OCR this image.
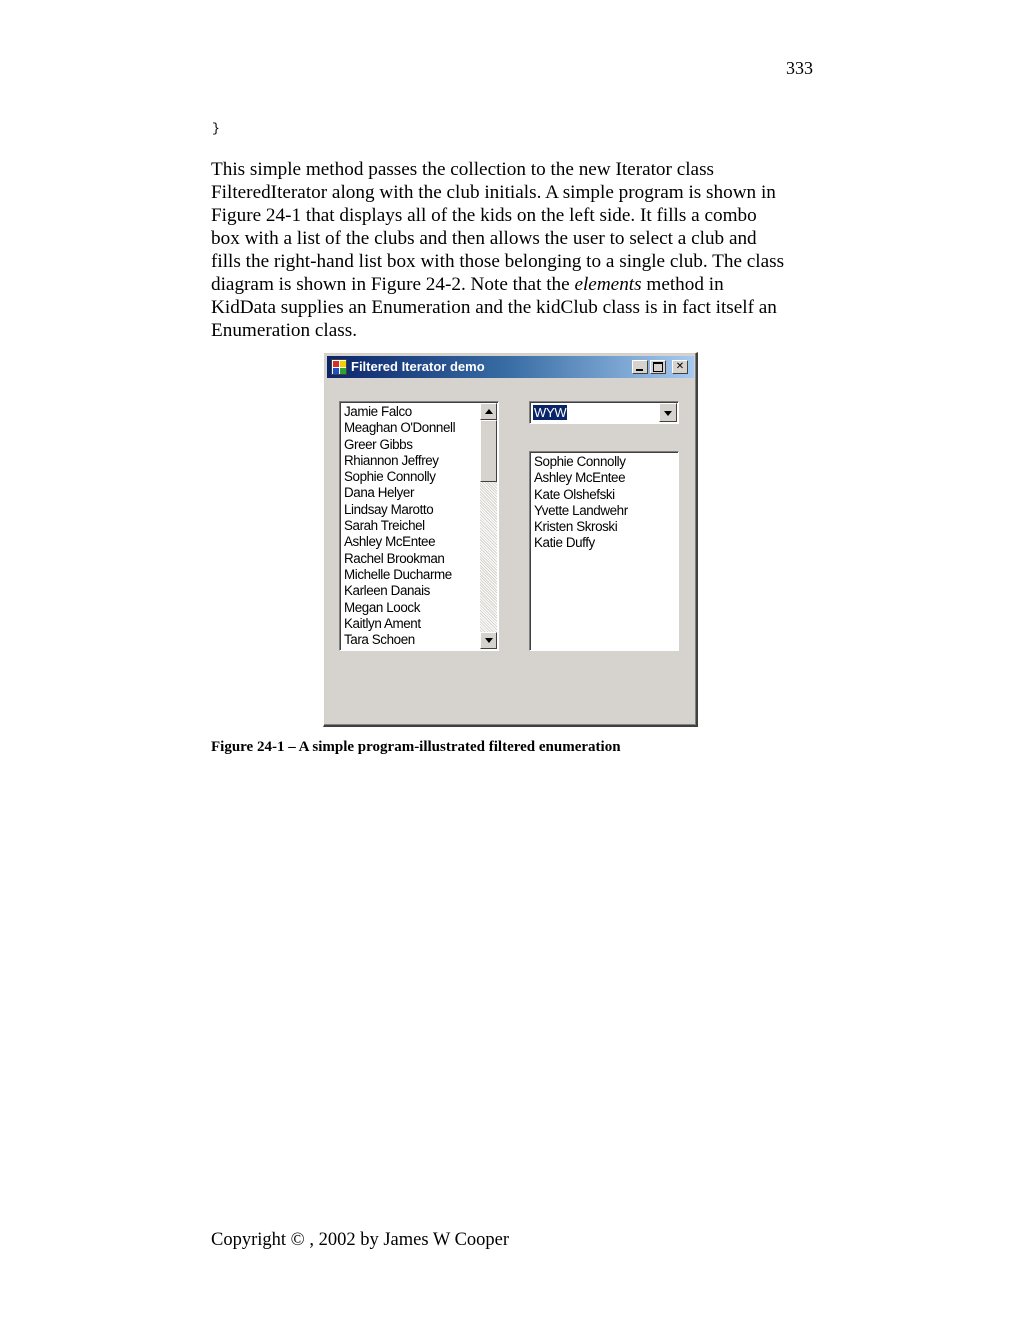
333
}

This simple method passes the collection to the new Iterator class
FilteredIterator along with the club initials. A simple program is shown in
Figure 24-1 that displays all of the kids on the left side. It fills a combo
box with a list of the clubs and then allows the user to select a club and
fills the right-hand list box with those belonging to a single club. The class
diagram is shown in Figure 24-2. Note that the elements method in
KidData supplies an Enumeration and the kidClub class is in fact itself an
Enumeration class.

Filtered Iterator demo
✕
Jamie Falco
Meaghan O'Donnell
Greer Gibbs
Rhiannon Jeffrey
Sophie Connolly
Dana Helyer
Lindsay Marotto
Sarah Treichel
Ashley McEntee
Rachel Brookman
Michelle Ducharme
Karleen Danais
Megan Loock
Kaitlyn Ament
Tara Schoen
WYW
Sophie Connolly
Ashley McEntee
Kate Olshefski
Yvette Landwehr
Kristen Skroski
Katie Duffy
Figure 24-1 – A simple program-illustrated filtered enumeration
Copyright © , 2002 by James W Cooper
